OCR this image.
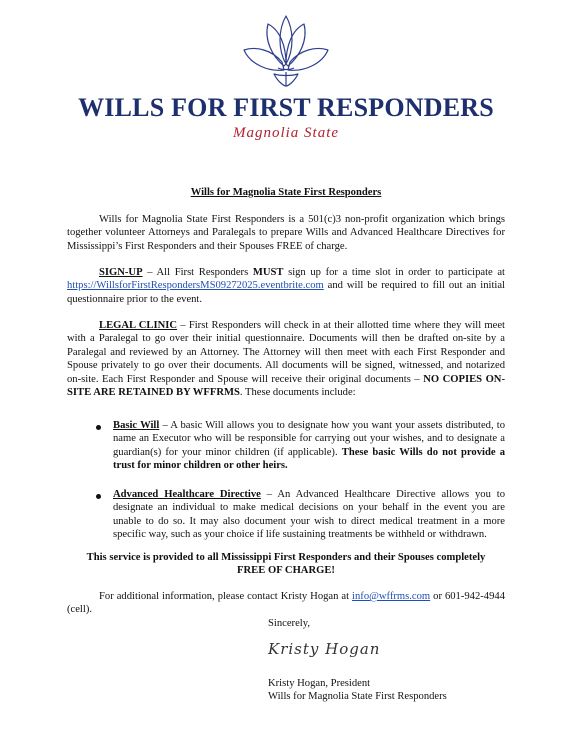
WILLS FOR FIRST RESPONDERS
Magnolia State
Wills for Magnolia State First Responders
Wills for Magnolia State First Responders is a 501(c)3 non-profit organization which brings together volunteer Attorneys and Paralegals to prepare Wills and Advanced Healthcare Directives for Mississippi’s First Responders and their Spouses FREE of charge.
SIGN-UP – All First Responders MUST sign up for a time slot in order to participate at https://WillsforFirstRespondersMS09272025.eventbrite.com and will be required to fill out an initial questionnaire prior to the event.
LEGAL CLINIC – First Responders will check in at their allotted time where they will meet with a Paralegal to go over their initial questionnaire. Documents will then be drafted on-site by a Paralegal and reviewed by an Attorney. The Attorney will then meet with each First Responder and Spouse privately to go over their documents. All documents will be signed, witnessed, and notarized on-site. Each First Responder and Spouse will receive their original documents – NO COPIES ON-SITE ARE RETAINED BY WFFRMS. These documents include:
Basic Will – A basic Will allows you to designate how you want your assets distributed, to name an Executor who will be responsible for carrying out your wishes, and to designate a guardian(s) for your minor children (if applicable). These basic Wills do not provide a trust for minor children or other heirs.
Advanced Healthcare Directive – An Advanced Healthcare Directive allows you to designate an individual to make medical decisions on your behalf in the event you are unable to do so. It may also document your wish to direct medical treatment in a more specific way, such as your choice if life sustaining treatments be withheld or withdrawn.
This service is provided to all Mississippi First Responders and their Spouses completely
FREE OF CHARGE!
For additional information, please contact Kristy Hogan at info@wffrms.com or 601-942-4944 (cell).
Sincerely,
Kristy Hogan
Kristy Hogan, President
Wills for Magnolia State First Responders
